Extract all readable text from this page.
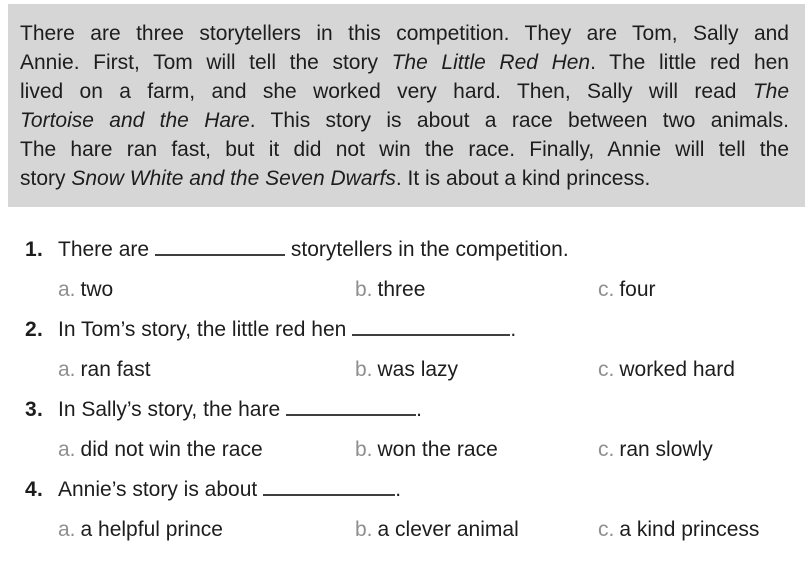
There are three storytellers in this competition. They are Tom, Sally and
Annie. First, Tom will tell the story The Little Red Hen. The little red hen
lived on a farm, and she worked very hard. Then, Sally will read The
Tortoise and the Hare. This story is about a race between two animals.
The hare ran fast, but it did not win the race. Finally, Annie will tell the
story Snow White and the Seven Dwarfs. It is about a kind princess.
1. There are	storytellers in the competition.
a. two	b. three	c. four
2. In Tom’s story, the little red hen	.
a. ran fast	b. was lazy	c. worked hard
3. In Sally’s story, the hare	.
a. did not win the race	b. won the race	c. ran slowly
4. Annie’s story is about	.
a. a helpful prince	b. a clever animal	c. a kind princess
